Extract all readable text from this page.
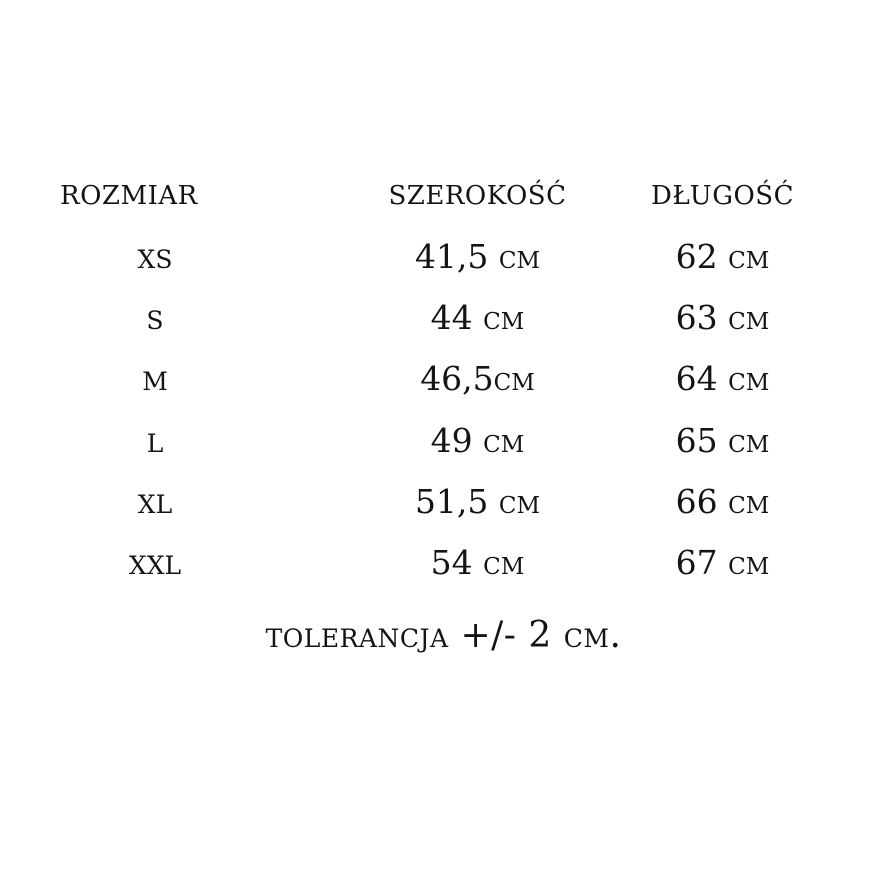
rozmiar	szerokość	długość
xs	41,5 cm	62 cm
s	44 cm	63 cm
m	46,5cm	64 cm
l	49 cm	65 cm
xl	51,5 cm	66 cm
xxl	54 cm	67 cm
tolerancja +/- 2 cm.
